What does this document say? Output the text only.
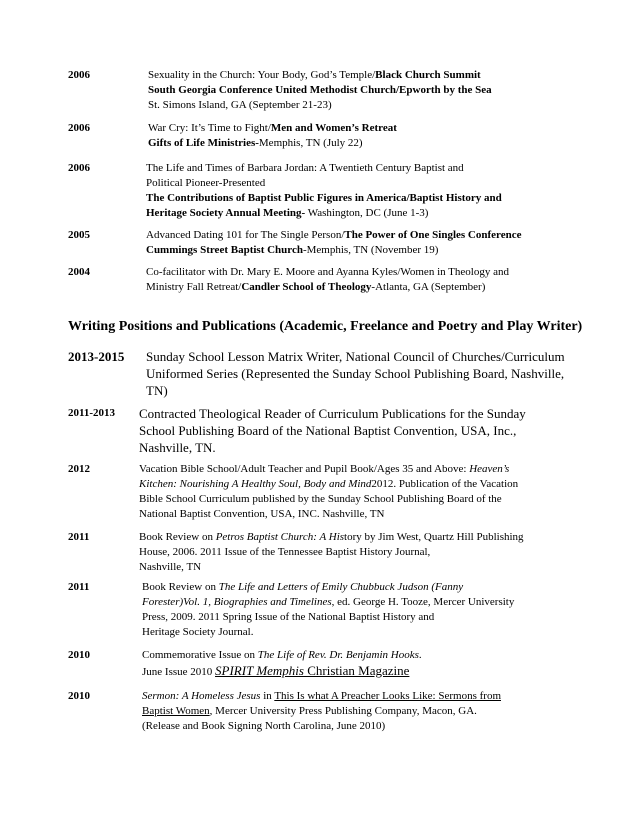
2006	Sexuality in the Church: Your Body, God’s Temple/Black Church Summit
South Georgia Conference United Methodist Church/Epworth by the Sea
St. Simons Island, GA (September 21-23)
2006	War Cry: It’s Time to Fight/Men and Women’s Retreat
Gifts of Life Ministries-Memphis, TN (July 22)
2006	The Life and Times of Barbara Jordan: A Twentieth Century Baptist and
Political Pioneer-Presented
The Contributions of Baptist Public Figures in America/Baptist History and
Heritage Society Annual Meeting- Washington, DC (June 1-3)
2005	Advanced Dating 101 for The Single Person/The Power of One Singles Conference
Cummings Street Baptist Church-Memphis, TN (November 19)
2004	Co-facilitator with Dr. Mary E. Moore and Ayanna Kyles/Women in Theology and
Ministry Fall Retreat/Candler School of Theology-Atlanta, GA (September)
Writing Positions and Publications (Academic, Freelance and Poetry and Play Writer)
2013-2015 Sunday School Lesson Matrix Writer, National Council of Churches/Curriculum
Uniformed Series (Represented the Sunday School Publishing Board, Nashville,
TN)
2011-2013 Contracted Theological Reader of Curriculum Publications for the Sunday
School Publishing Board of the National Baptist Convention, USA, Inc.,
Nashville, TN.
2012	Vacation Bible School/Adult Teacher and Pupil Book/Ages 35 and Above: Heaven’s
Kitchen: Nourishing A Healthy Soul, Body and Mind2012. Publication of the Vacation
Bible School Curriculum published by the Sunday School Publishing Board of the
National Baptist Convention, USA, INC. Nashville, TN
2011	Book Review on Petros Baptist Church: A History by Jim West, Quartz Hill Publishing
House, 2006. 2011 Issue of the Tennessee Baptist History Journal,
Nashville, TN
2011	Book Review on The Life and Letters of Emily Chubbuck Judson (Fanny
Forester)Vol. 1, Biographies and Timelines, ed. George H. Tooze, Mercer University
Press, 2009. 2011 Spring Issue of the National Baptist History and
Heritage Society Journal.
2010	Commemorative Issue on The Life of Rev. Dr. Benjamin Hooks.
June Issue 2010 SPIRIT Memphis Christian Magazine
2010	Sermon: A Homeless Jesus in This Is what A Preacher Looks Like: Sermons from
Baptist Women, Mercer University Press Publishing Company, Macon, GA.
(Release and Book Signing North Carolina, June 2010)
